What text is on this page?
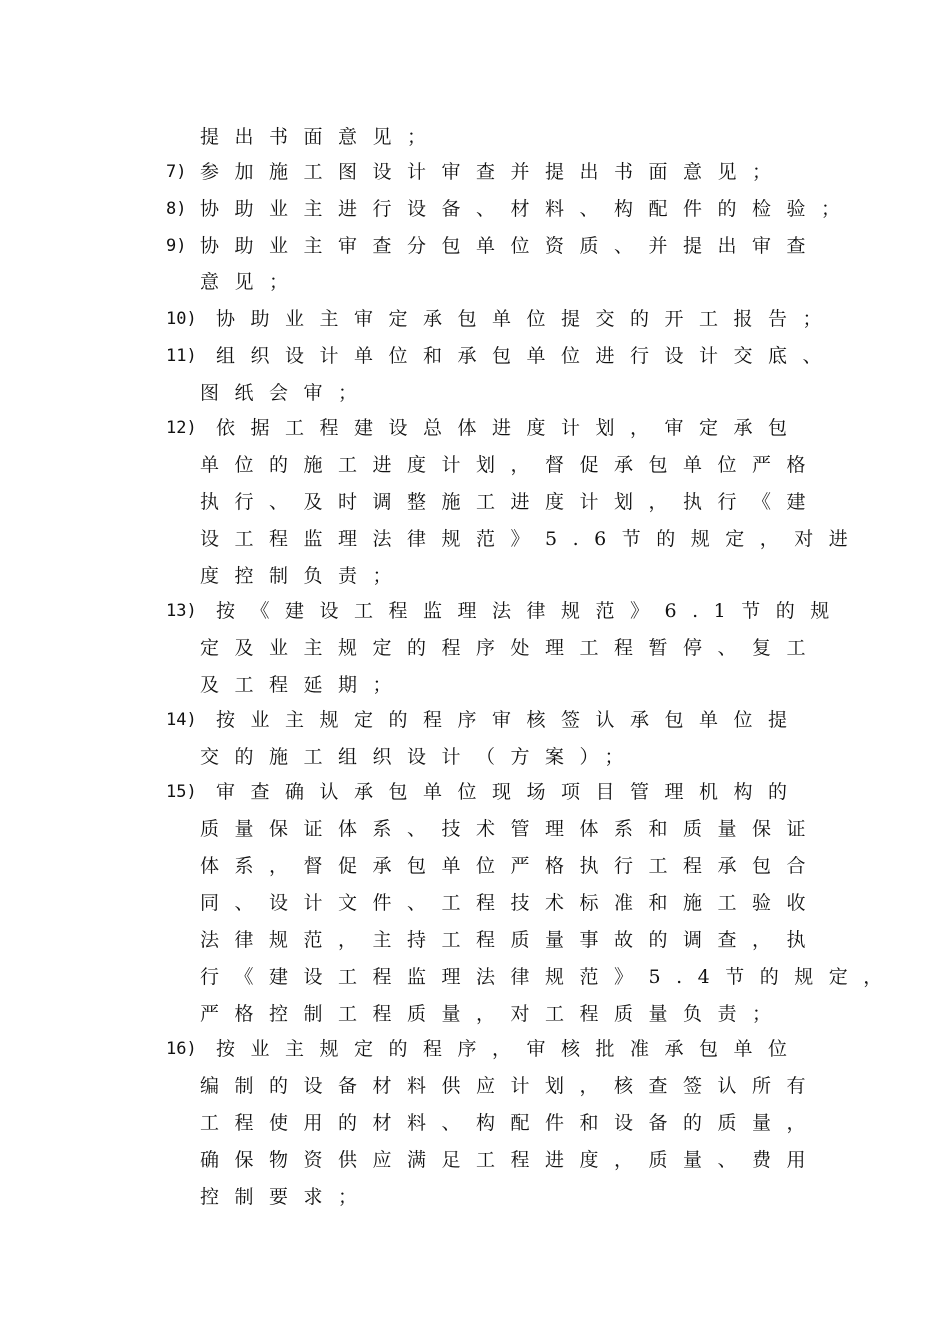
提出书面意见；
7) 参加施工图设计审查并提出书面意见；
8) 协助业主进行设备、材料、构配件的检验；
9) 协助业主审查分包单位资质、并提出审查
意见；
10) 协助业主审定承包单位提交的开工报告；
11) 组织设计单位和承包单位进行设计交底、
图纸会审；
12) 依据工程建设总体进度计划，审定承包
单位的施工进度计划，督促承包单位严格
执行、及时调整施工进度计划，执行《建
设工程监理法律规范》5.6节的规定，对进
度控制负责；
13) 按《建设工程监理法律规范》6.1节的规
定及业主规定的程序处理工程暂停、复工
及工程延期；
14) 按业主规定的程序审核签认承包单位提
交的施工组织设计（方案）；
15) 审查确认承包单位现场项目管理机构的
质量保证体系、技术管理体系和质量保证
体系，督促承包单位严格执行工程承包合
同、设计文件、工程技术标准和施工验收
法律规范，主持工程质量事故的调查，执
行《建设工程监理法律规范》5.4节的规定，
严格控制工程质量，对工程质量负责；
16) 按业主规定的程序，审核批准承包单位
编制的设备材料供应计划，核查签认所有
工程使用的材料、构配件和设备的质量，
确保物资供应满足工程进度，质量、费用
控制要求；
